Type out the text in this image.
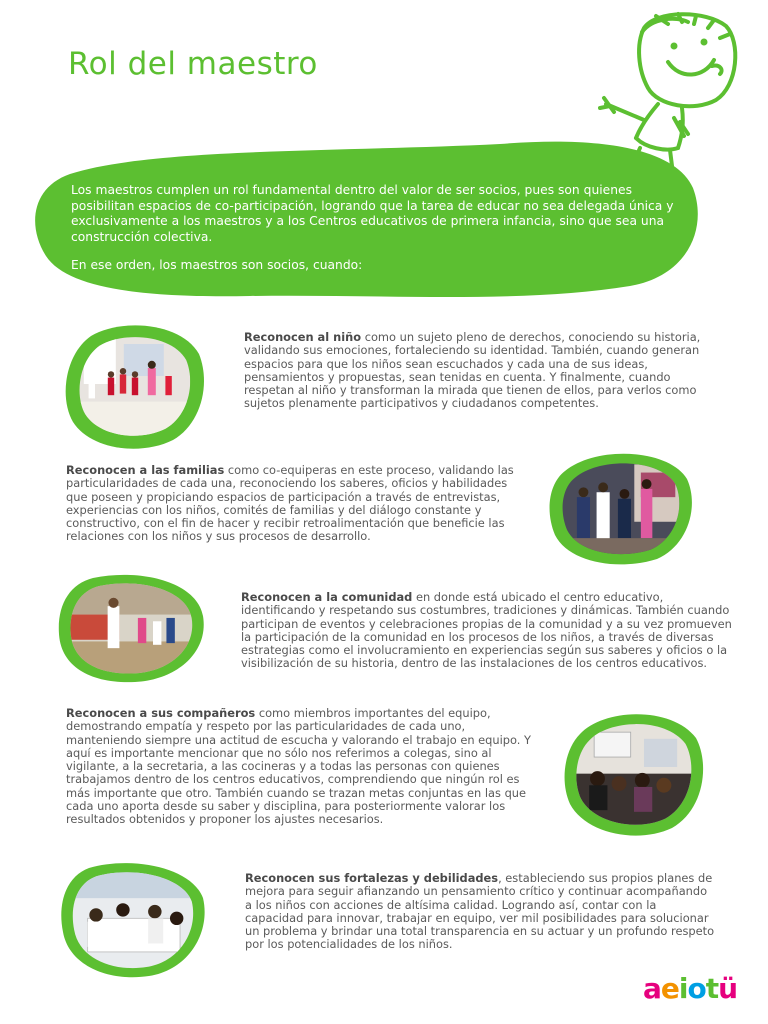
Rol del maestro

Los maestros cumplen un rol fundamental dentro del valor de ser socios, pues son quienes posibilitan espacios de co-participación, logrando que la tarea de educar no sea delegada única y exclusivamente a los maestros y a los Centros educativos de primera infancia, sino que sea una construcción colectiva.

En ese orden, los maestros son socios, cuando:

Reconocen al niño como un sujeto pleno de derechos, conociendo su historia, validando sus emociones, fortaleciendo su identidad. También, cuando generan espacios para que los niños sean escuchados y cada una de sus ideas, pensamientos y propuestas, sean tenidas en cuenta. Y finalmente, cuando respetan al niño y transforman la mirada que tienen de ellos, para verlos como sujetos plenamente participativos y ciudadanos competentes.

Reconocen a las familias como co-equiperas en este proceso, validando las particularidades de cada una, reconociendo los saberes, oficios y habilidades que poseen y propiciando espacios de participación a través de entrevistas, experiencias con los niños, comités de familias y del diálogo constante y constructivo, con el fin de hacer y recibir retroalimentación que beneficie las relaciones con los niños y sus procesos de desarrollo.

Reconocen a la comunidad en donde está ubicado el centro educativo, identificando y respetando sus costumbres, tradiciones y dinámicas. También cuando participan de eventos y celebraciones propias de la comunidad y a su vez promueven la participación de la comunidad en los procesos de los niños, a través de diversas estrategias como el involucramiento en experiencias según sus saberes y oficios o la visibilización de su historia, dentro de las instalaciones de los centros educativos.

Reconocen a sus compañeros como miembros importantes del equipo, demostrando empatía y respeto por las particularidades de cada uno, manteniendo siempre una actitud de escucha y valorando el trabajo en equipo. Y aquí es importante mencionar que no sólo nos referimos a colegas, sino al vigilante, a la secretaria, a las cocineras y a todas las personas con quienes trabajamos dentro de los centros educativos, comprendiendo que ningún rol es más importante que otro. También cuando se trazan metas conjuntas en las que cada uno aporta desde su saber y disciplina, para posteriormente valorar los resultados obtenidos y proponer los ajustes necesarios.

Reconocen sus fortalezas y debilidades, estableciendo sus propios planes de mejora para seguir afianzando un pensamiento crítico y continuar acompañando a los niños con acciones de altísima calidad. Logrando así, contar con la capacidad para innovar, trabajar en equipo, ver mil posibilidades para solucionar un problema y brindar una total transparencia en su actuar y un profundo respeto por los potencialidades de los niños.

aeiotü
